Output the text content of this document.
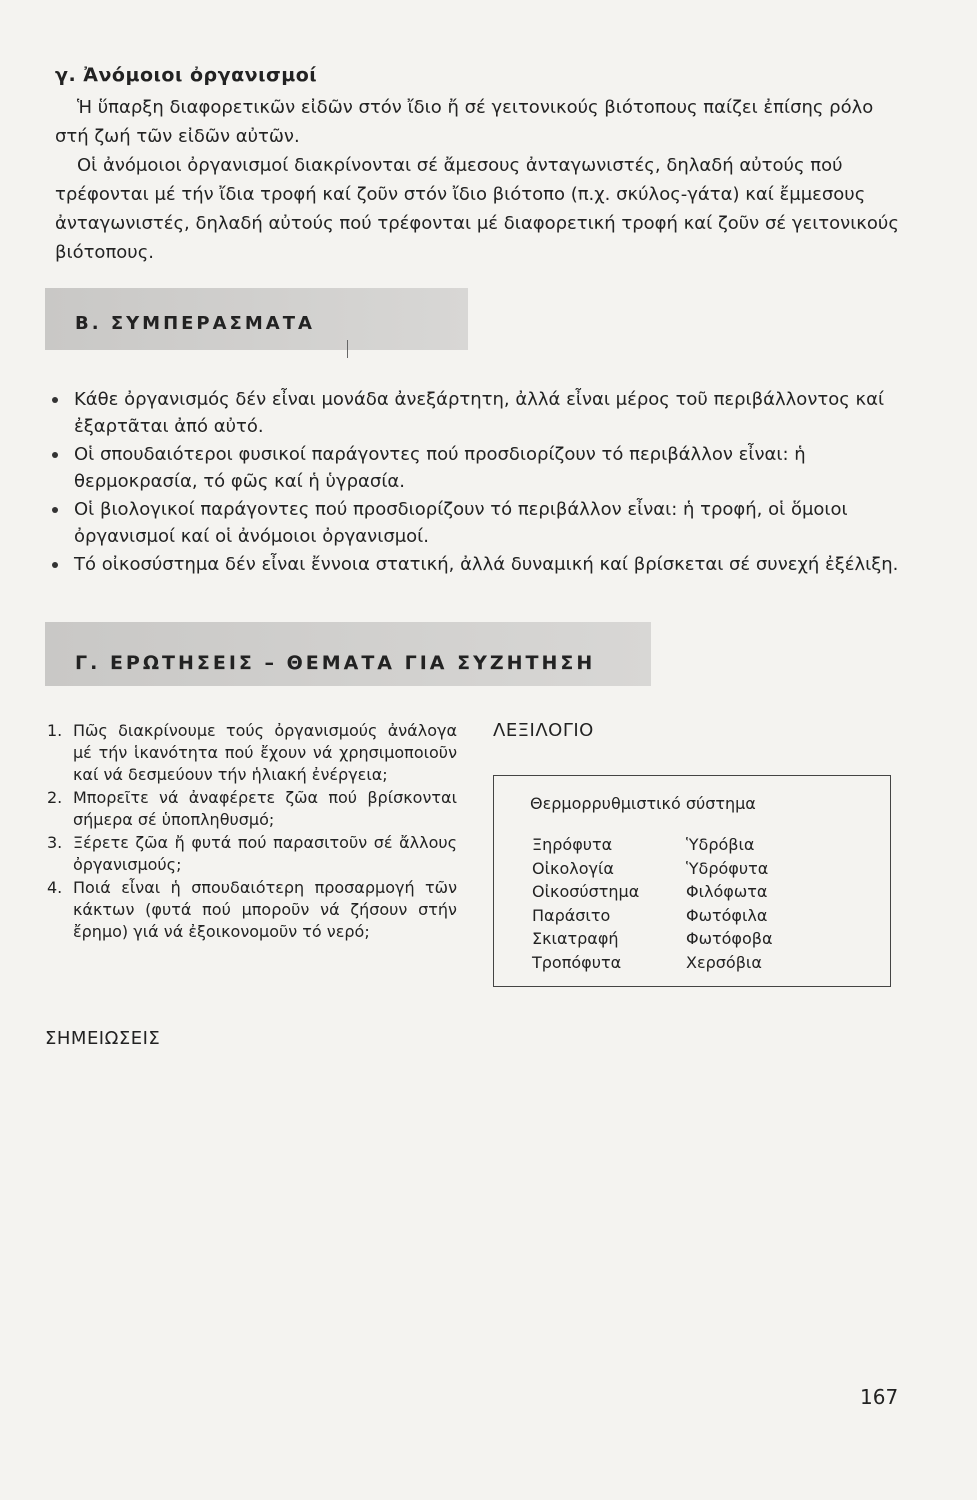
γ. Ἀνόμοιοι ὀργανισμοί

Ἡ ὕπαρξη διαφορετικῶν εἰδῶν στόν ἴδιο ἤ σέ γειτονικούς βιότοπους παίζει ἐπίσης ρόλο στή ζωή τῶν εἰδῶν αὐτῶν.

Οἱ ἀνόμοιοι ὀργανισμοί διακρίνονται σέ ἄμεσους ἀνταγωνιστές, δηλαδή αὐτούς πού τρέφονται μέ τήν ἴδια τροφή καί ζοῦν στόν ἴδιο βιότοπο (π.χ. σκύλος-γάτα) καί ἔμμεσους ἀνταγωνιστές, δηλαδή αὐτούς πού τρέφονται μέ διαφορετική τροφή καί ζοῦν σέ γειτονικούς βιότοπους.

Β. ΣΥΜΠΕΡΑΣΜΑΤΑ
Κάθε ὀργανισμός δέν εἶναι μονάδα ἀνεξάρτητη, ἀλλά εἶναι μέρος τοῦ περιβάλλοντος καί ἐξαρτᾶται ἀπό αὐτό.
Οἱ σπουδαιότεροι φυσικοί παράγοντες πού προσδιορίζουν τό περιβάλλον εἶναι: ἡ θερμοκρασία, τό φῶς καί ἡ ὑγρασία.
Οἱ βιολογικοί παράγοντες πού προσδιορίζουν τό περιβάλλον εἶναι: ἡ τροφή, οἱ ὅμοιοι ὀργανισμοί καί οἱ ἀνόμοιοι ὀργανισμοί.
Τό οἰκοσύστημα δέν εἶναι ἔννοια στατική, ἀλλά δυναμική καί βρίσκεται σέ συνεχή ἐξέλιξη.
Γ. ΕΡΩΤΗΣΕΙΣ – ΘΕΜΑΤΑ ΓΙΑ ΣΥΖΗΤΗΣΗ
1. Πῶς διακρίνουμε τούς ὀργανισμούς ἀνάλογα μέ τήν ἱκανότητα πού ἔχουν νά χρησιμοποιοῦν καί νά δεσμεύουν τήν ἡλιακή ἐνέργεια;
2. Μπορεῖτε νά ἀναφέρετε ζῶα πού βρίσκονται σήμερα σέ ὑποπληθυσμό;
3. Ξέρετε ζῶα ἤ φυτά πού παρασιτοῦν σέ ἄλλους ὀργανισμούς;
4. Ποιά εἶναι ἡ σπουδαιότερη προσαρμογή τῶν κάκτων (φυτά πού μποροῦν νά ζήσουν στήν ἔρημο) γιά νά ἐξοικονομοῦν τό νερό;
ΛΕΞΙΛΟΓΙΟ
Θερμορρυθμιστικό σύστημα
Ξηρόφυτα
Οἰκολογία
Οἰκοσύστημα
Παράσιτο
Σκιατραφή
Τροπόφυτα
Ὑδρόβια
Ὑδρόφυτα
Φιλόφωτα
Φωτόφιλα
Φωτόφοβα
Χερσόβια
ΣΗΜΕΙΩΣΕΙΣ
167
